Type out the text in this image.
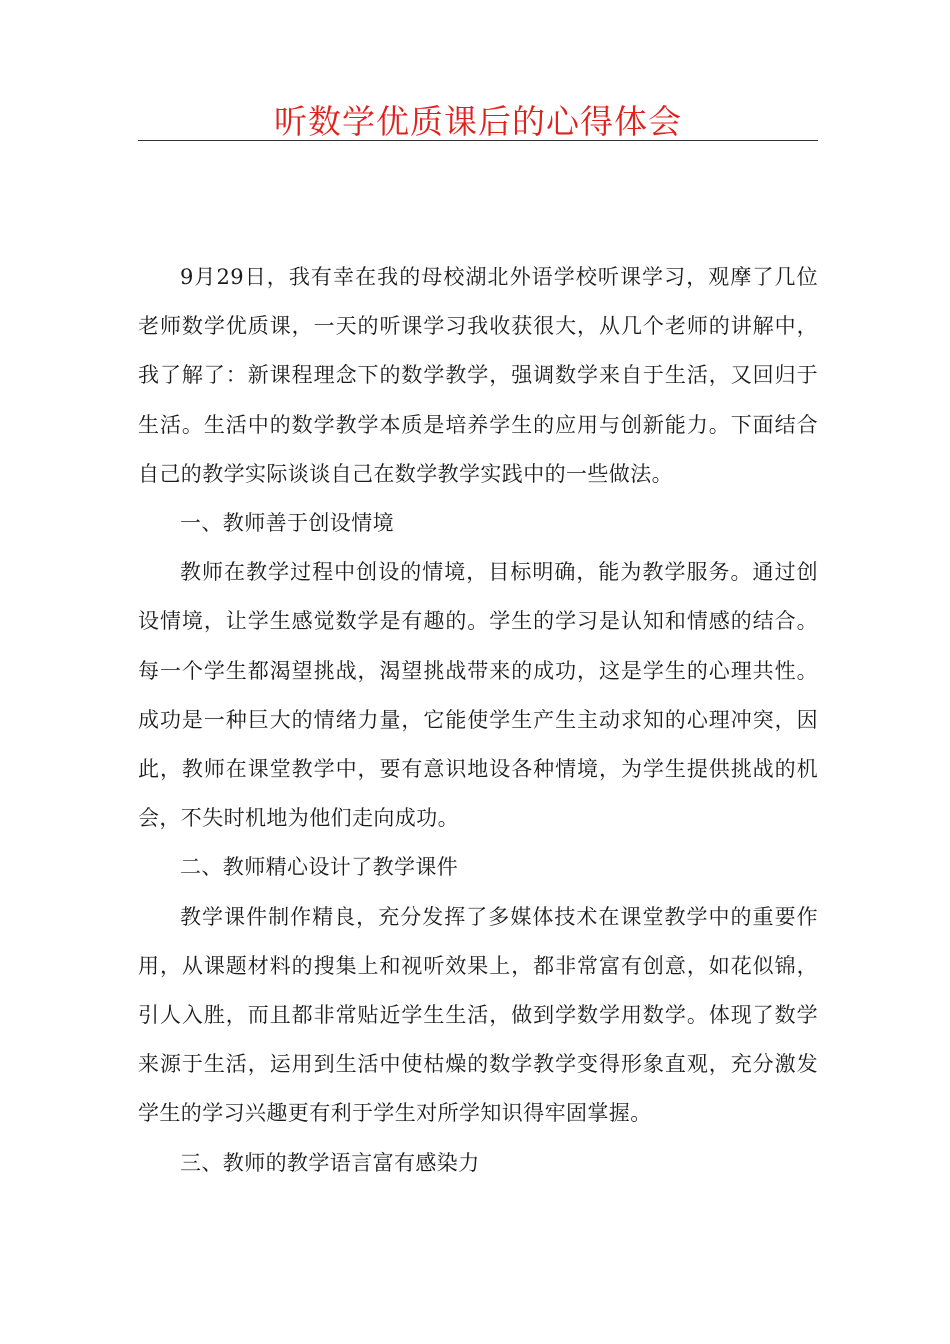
听数学优质课后的心得体会

9月29日，我有幸在我的母校湖北外语学校听课学习，观摩了几位老师数学优质课，一天的听课学习我收获很大，从几个老师的讲解中，我了解了：新课程理念下的数学教学，强调数学来自于生活，又回归于生活。生活中的数学教学本质是培养学生的应用与创新能力。下面结合自己的教学实际谈谈自己在数学教学实践中的一些做法。

一、教师善于创设情境

教师在教学过程中创设的情境，目标明确，能为教学服务。通过创设情境，让学生感觉数学是有趣的。学生的学习是认知和情感的结合。每一个学生都渴望挑战，渴望挑战带来的成功，这是学生的心理共性。成功是一种巨大的情绪力量，它能使学生产生主动求知的心理冲突，因此，教师在课堂教学中，要有意识地设各种情境，为学生提供挑战的机会，不失时机地为他们走向成功。

二、教师精心设计了教学课件

教学课件制作精良，充分发挥了多媒体技术在课堂教学中的重要作用，从课题材料的搜集上和视听效果上，都非常富有创意，如花似锦，引人入胜，而且都非常贴近学生生活，做到学数学用数学。体现了数学来源于生活，运用到生活中使枯燥的数学教学变得形象直观，充分激发学生的学习兴趣更有利于学生对所学知识得牢固掌握。

三、教师的教学语言富有感染力
